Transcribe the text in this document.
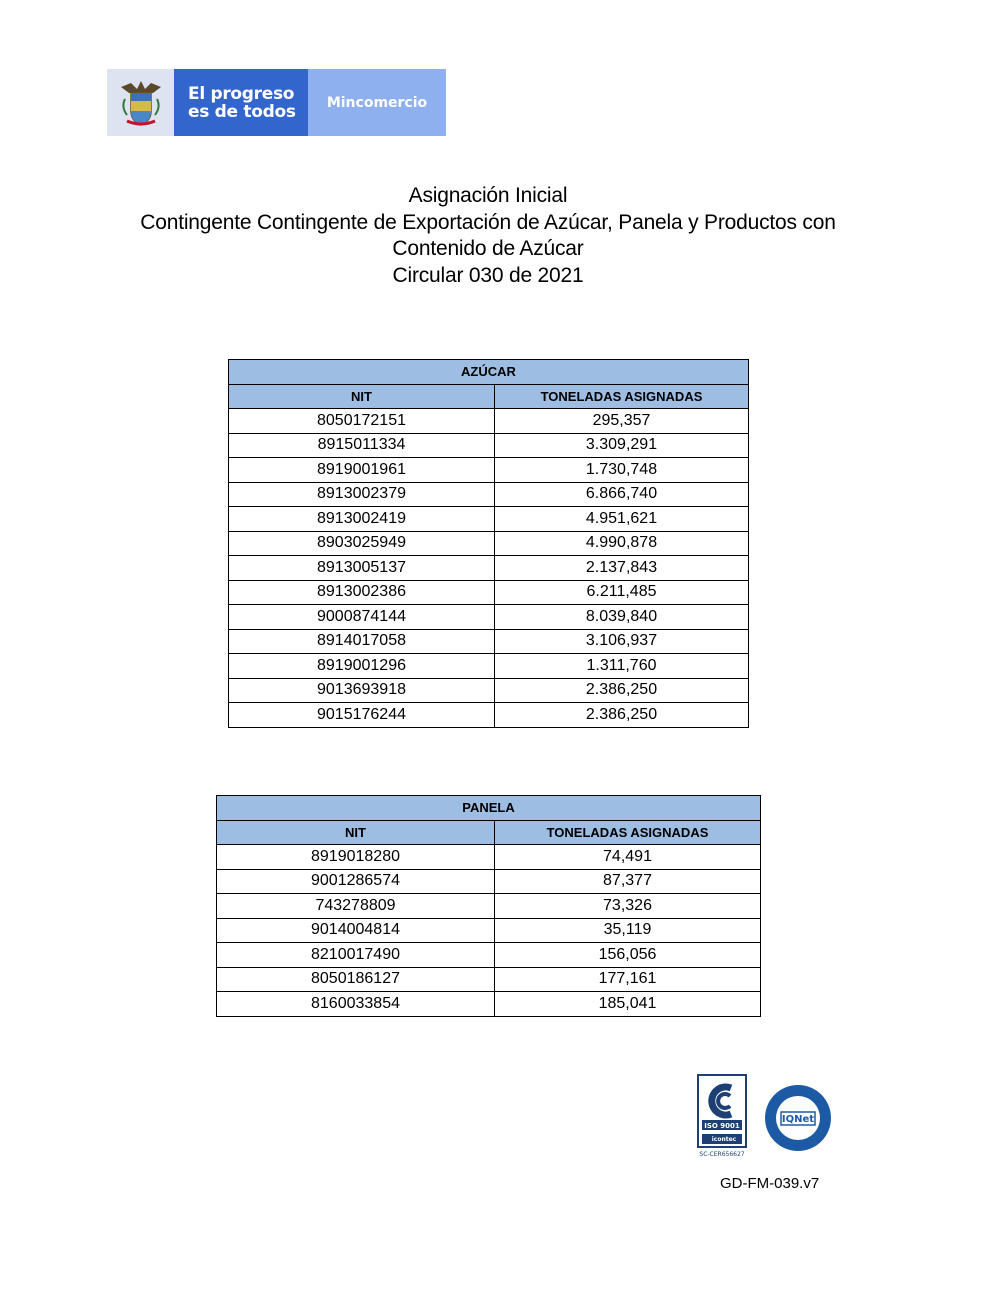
El progreso
es de todos Mincomercio
Asignación Inicial
Contingente Contingente de Exportación de Azúcar, Panela y Productos con
Contenido de Azúcar
Circular 030 de 2021
AZÚCAR	
NIT	TONELADAS ASIGNADAS
8050172151	295,357
8915011334	3.309,291
8919001961	1.730,748
8913002379	6.866,740
8913002419	4.951,621
8903025949	4.990,878
8913005137	2.137,843
8913002386	6.211,485
9000874144	8.039,840
8914017058	3.106,937
8919001296	1.311,760
9013693918	2.386,250
9015176244	2.386,250
PANELA	
NIT	TONELADAS ASIGNADAS
8919018280	74,491
9001286574	87,377
743278809	73,326
9014004814	35,119
8210017490	156,056
8050186127	177,161
8160033854	185,041
ISO 9001
icontec
SC-CER656627
IQNet
GD-FM-039.v7
